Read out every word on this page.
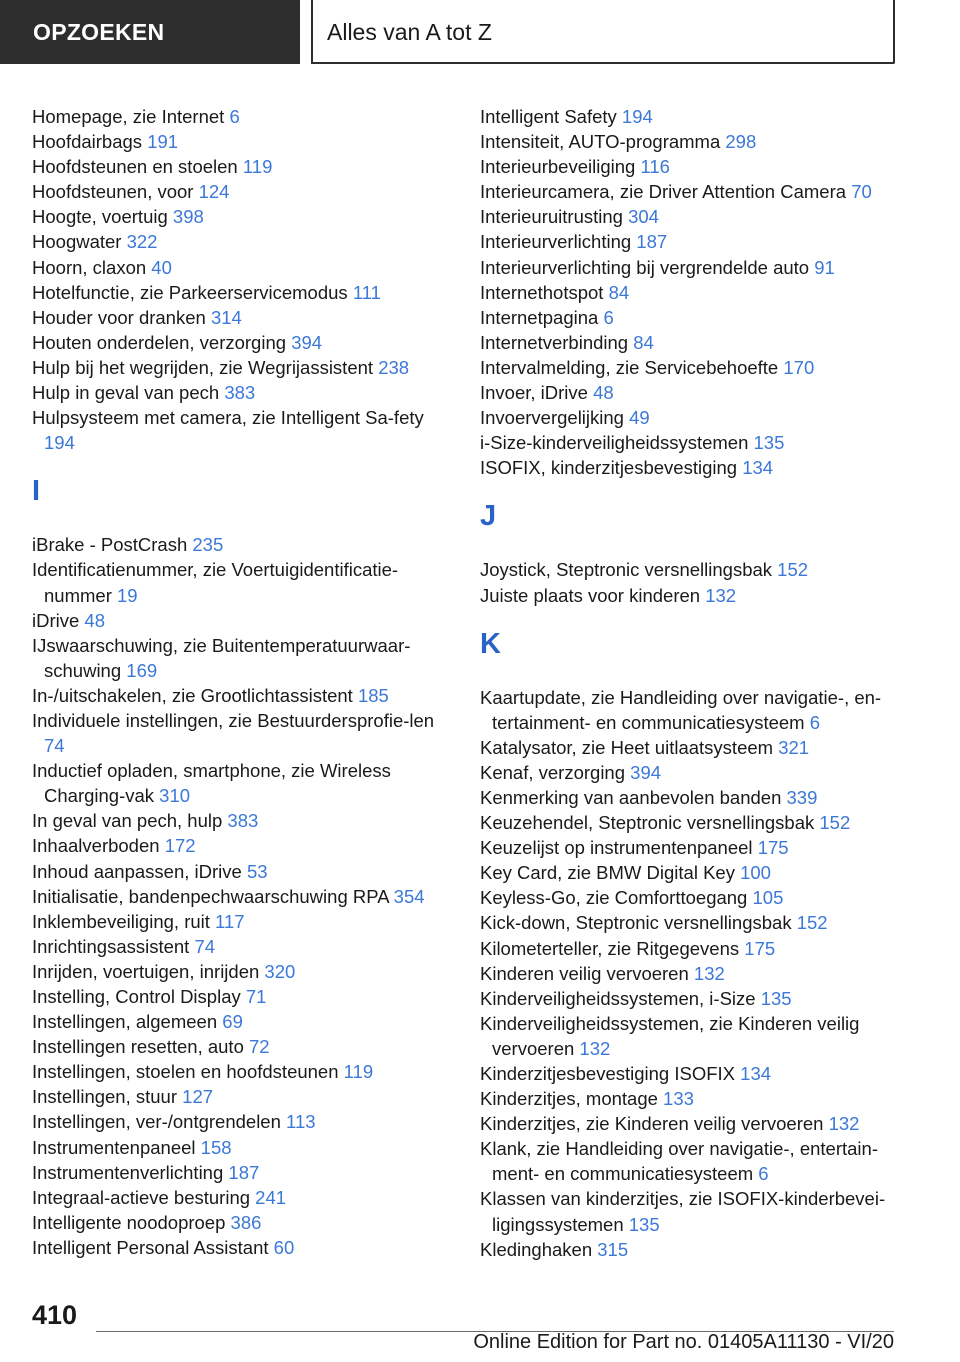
OPZOEKEN	Alles van A tot Z
Homepage, zie Internet 6
Hoofdairbags 191
Hoofdsteunen en stoelen 119
Hoofdsteunen, voor 124
Hoogte, voertuig 398
Hoogwater 322
Hoorn, claxon 40
Hotelfunctie, zie Parkeerservicemodus 111
Houder voor dranken 314
Houten onderdelen, verzorging 394
Hulp bij het wegrijden, zie Wegrijassistent 238
Hulp in geval van pech 383
Hulpsysteem met camera, zie Intelligent Sa-fety 194
I
iBrake - PostCrash 235
Identificatienummer, zie Voertuigidentificatie-nummer 19
iDrive 48
IJswaarschuwing, zie Buitentemperatuurwaar-schuwing 169
In-/uitschakelen, zie Grootlichtassistent 185
Individuele instellingen, zie Bestuurdersprofie-len 74
Inductief opladen, smartphone, zie Wireless Charging-vak 310
In geval van pech, hulp 383
Inhaalverboden 172
Inhoud aanpassen, iDrive 53
Initialisatie, bandenpechwaarschuwing RPA 354
Inklembeveiliging, ruit 117
Inrichtingsassistent 74
Inrijden, voertuigen, inrijden 320
Instelling, Control Display 71
Instellingen, algemeen 69
Instellingen resetten, auto 72
Instellingen, stoelen en hoofdsteunen 119
Instellingen, stuur 127
Instellingen, ver-/ontgrendelen 113
Instrumentenpaneel 158
Instrumentenverlichting 187
Integraal-actieve besturing 241
Intelligente noodoproep 386
Intelligent Personal Assistant 60
Intelligent Safety 194
Intensiteit, AUTO-programma 298
Interieurbeveiliging 116
Interieurcamera, zie Driver Attention Camera 70
Interieuruitrusting 304
Interieurverlichting 187
Interieurverlichting bij vergrendelde auto 91
Internethotspot 84
Internetpagina 6
Internetverbinding 84
Intervalmelding, zie Servicebehoefte 170
Invoer, iDrive 48
Invoervergelijking 49
i-Size-kinderveiligheidssystemen 135
ISOFIX, kinderzitjesbevestiging 134
J
Joystick, Steptronic versnellingsbak 152
Juiste plaats voor kinderen 132
K
Kaartupdate, zie Handleiding over navigatie-, en-tertainment- en communicatiesysteem 6
Katalysator, zie Heet uitlaatsysteem 321
Kenaf, verzorging 394
Kenmerking van aanbevolen banden 339
Keuzehendel, Steptronic versnellingsbak 152
Keuzelijst op instrumentenpaneel 175
Key Card, zie BMW Digital Key 100
Keyless-Go, zie Comforttoegang 105
Kick-down, Steptronic versnellingsbak 152
Kilometerteller, zie Ritgegevens 175
Kinderen veilig vervoeren 132
Kinderveiligheidssystemen, i-Size 135
Kinderveiligheidssystemen, zie Kinderen veilig vervoeren 132
Kinderzitjesbevestiging ISOFIX 134
Kinderzitjes, montage 133
Kinderzitjes, zie Kinderen veilig vervoeren 132
Klank, zie Handleiding over navigatie-, entertain-ment- en communicatiesysteem 6
Klassen van kinderzitjes, zie ISOFIX-kinderbevei-ligingssystemen 135
Kledinghaken 315
410
Online Edition for Part no. 01405A11130 - VI/20
